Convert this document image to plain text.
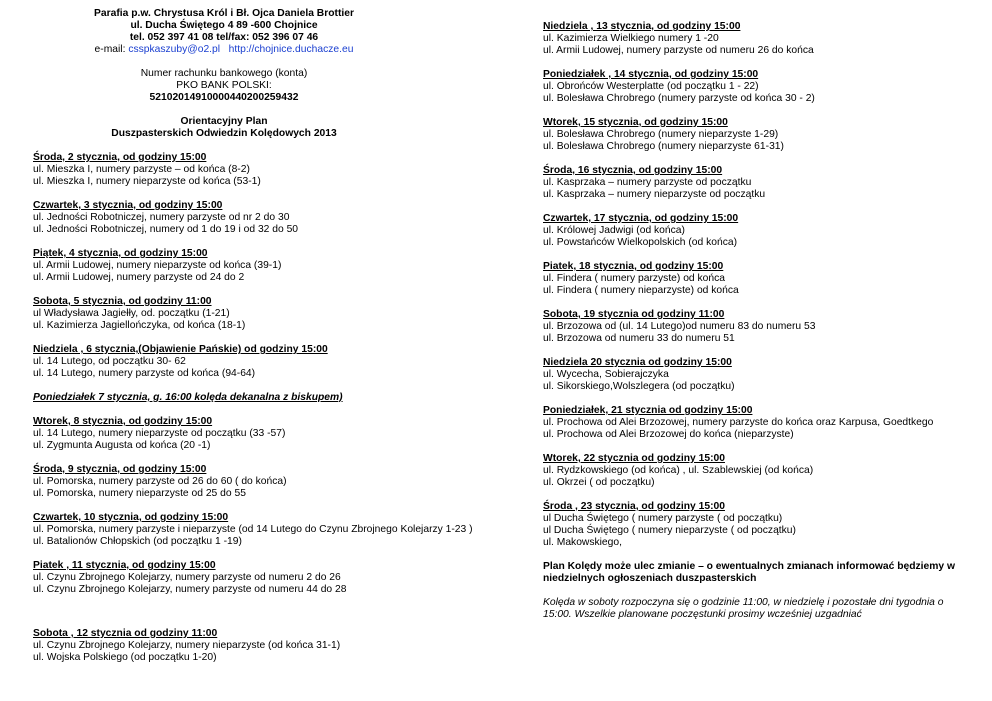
Parafia p.w. Chrystusa Król i Bł. Ojca Daniela Brottier
ul. Ducha Świętego 4 89 -600 Chojnice
tel. 052 397 41 08 tel/fax: 052 396 07 46
e-mail: csspkaszuby@o2.pl http://chojnice.duchacze.eu
Numer rachunku bankowego (konta)
PKO BANK POLSKI:
52102014910000440200259432
Orientacyjny Plan
Duszpasterskich Odwiedzin Kolędowych 2013
Środa, 2 stycznia, od godziny 15:00
ul. Mieszka I, numery parzyste – od końca (8-2)
ul. Mieszka I, numery nieparzyste od końca (53-1)
Czwartek, 3 stycznia, od godziny 15:00
ul. Jedności Robotniczej, numery parzyste od nr 2 do 30
ul. Jedności Robotniczej, numery od 1 do 19 i od 32 do 50
Piątek, 4 stycznia, od godziny 15:00
ul. Armii Ludowej, numery nieparzyste od końca (39-1)
ul. Armii Ludowej, numery parzyste od 24 do 2
Sobota, 5 stycznia, od godziny 11:00
ul Władysława Jagiełły, od. początku (1-21)
ul. Kazimierza Jagiellończyka, od końca (18-1)
Niedziela , 6 stycznia,(Objawienie Pańskie) od godziny 15:00
ul. 14 Lutego, od początku 30- 62
ul. 14 Lutego, numery parzyste od końca (94-64)
Poniedziałek 7 stycznia, g. 16:00 kolęda dekanalna z biskupem)
Wtorek, 8 stycznia, od godziny 15:00
ul. 14 Lutego, numery nieparzyste od początku (33 -57)
ul. Zygmunta Augusta od końca (20 -1)
Środa, 9 stycznia, od godziny 15:00
ul. Pomorska, numery parzyste od 26 do 60 ( do końca)
ul. Pomorska, numery nieparzyste od 25 do 55
Czwartek, 10 stycznia, od godziny 15:00
ul. Pomorska, numery parzyste i nieparzyste (od 14 Lutego do Czynu Zbrojnego Kolejarzy 1-23 )
ul. Batalionów Chłopskich (od początku 1 -19)
Piatek , 11 stycznia, od godziny 15:00
ul. Czynu Zbrojnego Kolejarzy, numery parzyste od numeru 2 do 26
ul. Czynu Zbrojnego Kolejarzy, numery parzyste od numeru 44 do 28
Sobota , 12 stycznia od godziny 11:00
ul. Czynu Zbrojnego Kolejarzy, numery nieparzyste (od końca 31-1)
ul. Wojska Polskiego (od początku 1-20)
Niedziela , 13 stycznia, od godziny 15:00
ul. Kazimierza Wielkiego numery 1 -20
ul. Armii Ludowej, numery parzyste od numeru 26 do końca
Poniedziałek , 14 stycznia, od godziny 15:00
ul. Obrońców Westerplatte (od początku 1 - 22)
ul. Bolesława Chrobrego (numery parzyste od końca 30 - 2)
Wtorek, 15 stycznia, od godziny 15:00
ul. Bolesława Chrobrego (numery nieparzyste 1-29)
ul. Bolesława Chrobrego (numery nieparzyste 61-31)
Środa, 16 stycznia, od godziny 15:00
ul. Kasprzaka – numery parzyste od początku
ul. Kasprzaka – numery nieparzyste od początku
Czwartek, 17 stycznia, od godziny 15:00
ul. Królowej Jadwigi (od końca)
ul. Powstańców Wielkopolskich (od końca)
Piatek, 18 stycznia, od godziny 15:00
ul. Findera ( numery parzyste) od końca
ul. Findera ( numery nieparzyste) od końca
Sobota, 19 stycznia od godziny 11:00
ul. Brzozowa od (ul. 14 Lutego)od numeru 83 do numeru 53
ul. Brzozowa od numeru 33 do numeru 51
Niedziela 20 stycznia od godziny 15:00
ul. Wycecha, Sobierajczyka
ul. Sikorskiego,Wolszlegera (od początku)
Poniedziałek, 21 stycznia od godziny 15:00
ul. Prochowa od Alei Brzozowej, numery parzyste do końca oraz Karpusa, Goedtkego
ul. Prochowa od Alei Brzozowej do końca (nieparzyste)
Wtorek, 22 stycznia od godziny 15:00
ul. Rydzkowskiego (od końca) , ul. Szablewskiej (od końca)
ul. Okrzei ( od początku)
Środa , 23 stycznia, od godziny 15:00
ul Ducha Świętego ( numery parzyste ( od początku)
ul Ducha Świętego ( numery nieparzyste ( od początku)
ul. Makowskiego,
Plan Kolędy może ulec zmianie – o ewentualnych zmianach informować będziemy w niedzielnych ogłoszeniach duszpasterskich
Kolęda w soboty rozpoczyna się o godzinie 11:00, w niedzielę i pozostałe dni tygodnia o 15:00. Wszelkie planowane poczęstunki prosimy wcześniej uzgadniać
